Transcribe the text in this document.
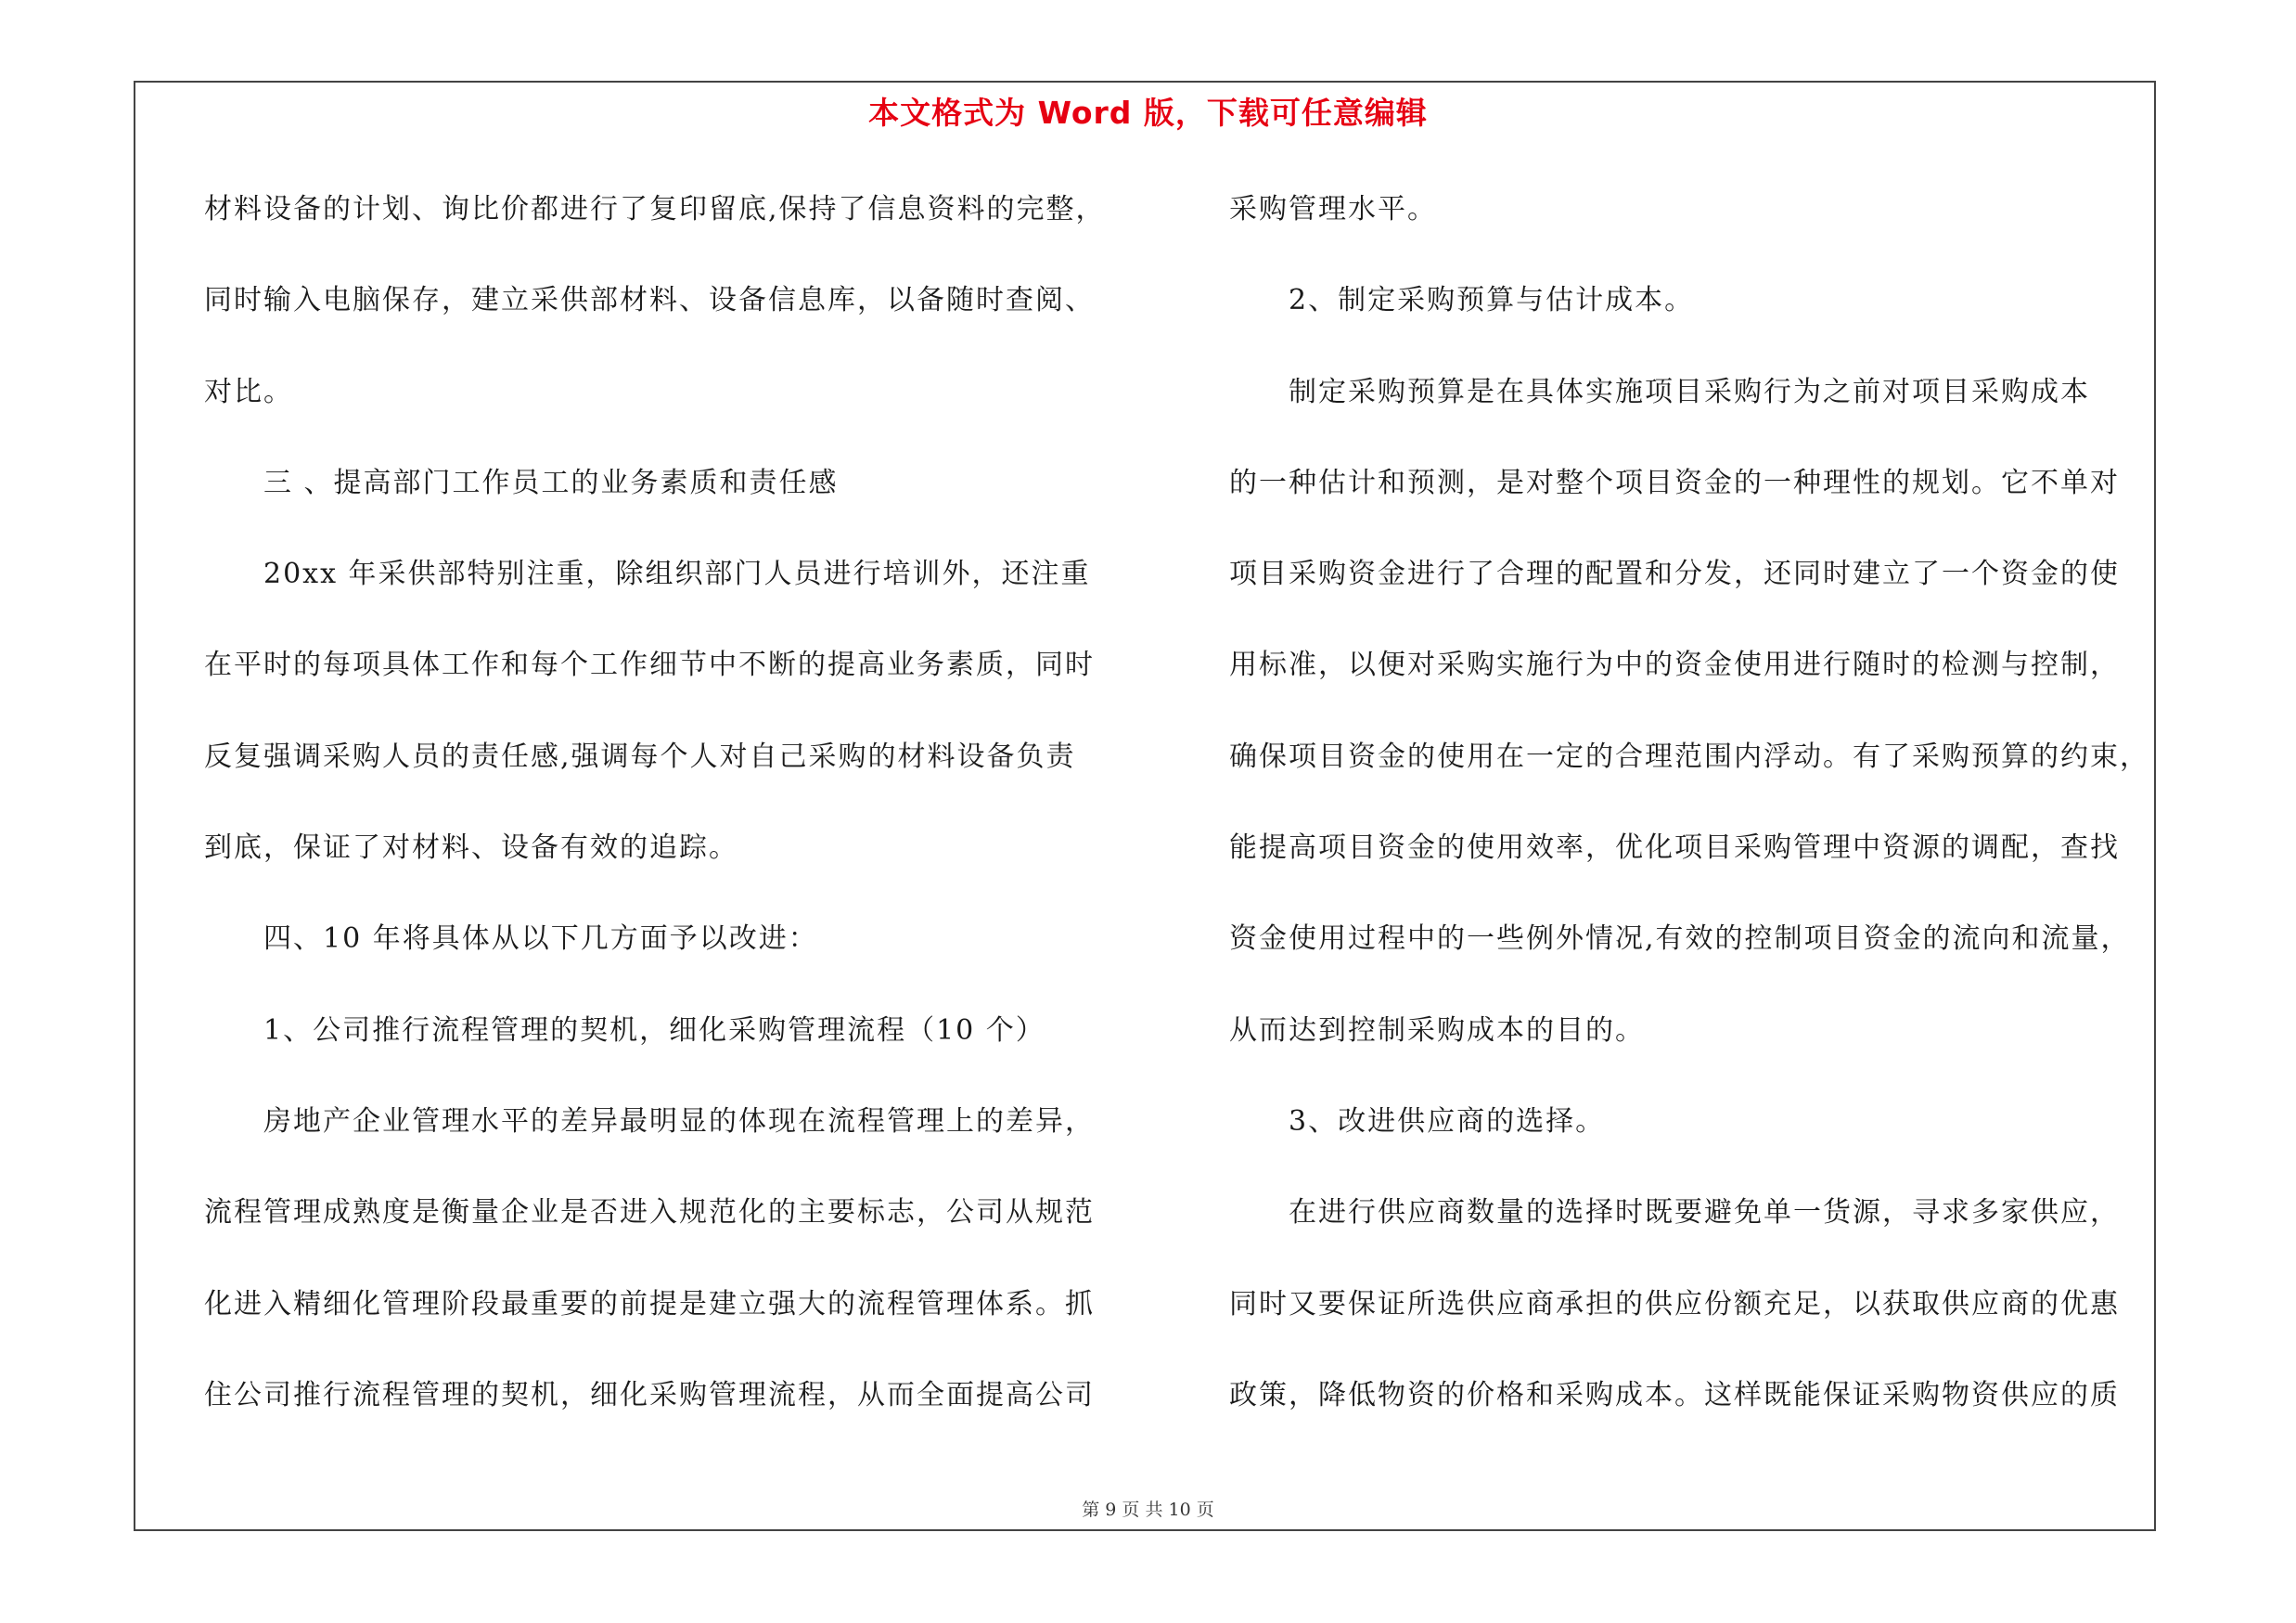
本文格式为 Word 版，下载可任意编辑
材料设备的计划、询比价都进行了复印留底,保持了信息资料的完整，
同时输入电脑保存，建立采供部材料、设备信息库，以备随时查阅、
对比。
　　三 、提高部门工作员工的业务素质和责任感
　　20xx 年采供部特别注重，除组织部门人员进行培训外，还注重
在平时的每项具体工作和每个工作细节中不断的提高业务素质，同时
反复强调采购人员的责任感,强调每个人对自己采购的材料设备负责
到底，保证了对材料、设备有效的追踪。
　　四、10 年将具体从以下几方面予以改进：
　　1、公司推行流程管理的契机，细化采购管理流程（10 个）
　　房地产企业管理水平的差异最明显的体现在流程管理上的差异，
流程管理成熟度是衡量企业是否进入规范化的主要标志，公司从规范
化进入精细化管理阶段最重要的前提是建立强大的流程管理体系。抓
住公司推行流程管理的契机，细化采购管理流程，从而全面提高公司
采购管理水平。
　　2、制定采购预算与估计成本。
　　制定采购预算是在具体实施项目采购行为之前对项目采购成本
的一种估计和预测，是对整个项目资金的一种理性的规划。它不单对
项目采购资金进行了合理的配置和分发，还同时建立了一个资金的使
用标准，以便对采购实施行为中的资金使用进行随时的检测与控制，
确保项目资金的使用在一定的合理范围内浮动。有了采购预算的约束，
能提高项目资金的使用效率，优化项目采购管理中资源的调配，查找
资金使用过程中的一些例外情况,有效的控制项目资金的流向和流量，
从而达到控制采购成本的目的。
　　3、改进供应商的选择。
　　在进行供应商数量的选择时既要避免单一货源，寻求多家供应，
同时又要保证所选供应商承担的供应份额充足，以获取供应商的优惠
政策，降低物资的价格和采购成本。这样既能保证采购物资供应的质
第 9 页 共 10 页
